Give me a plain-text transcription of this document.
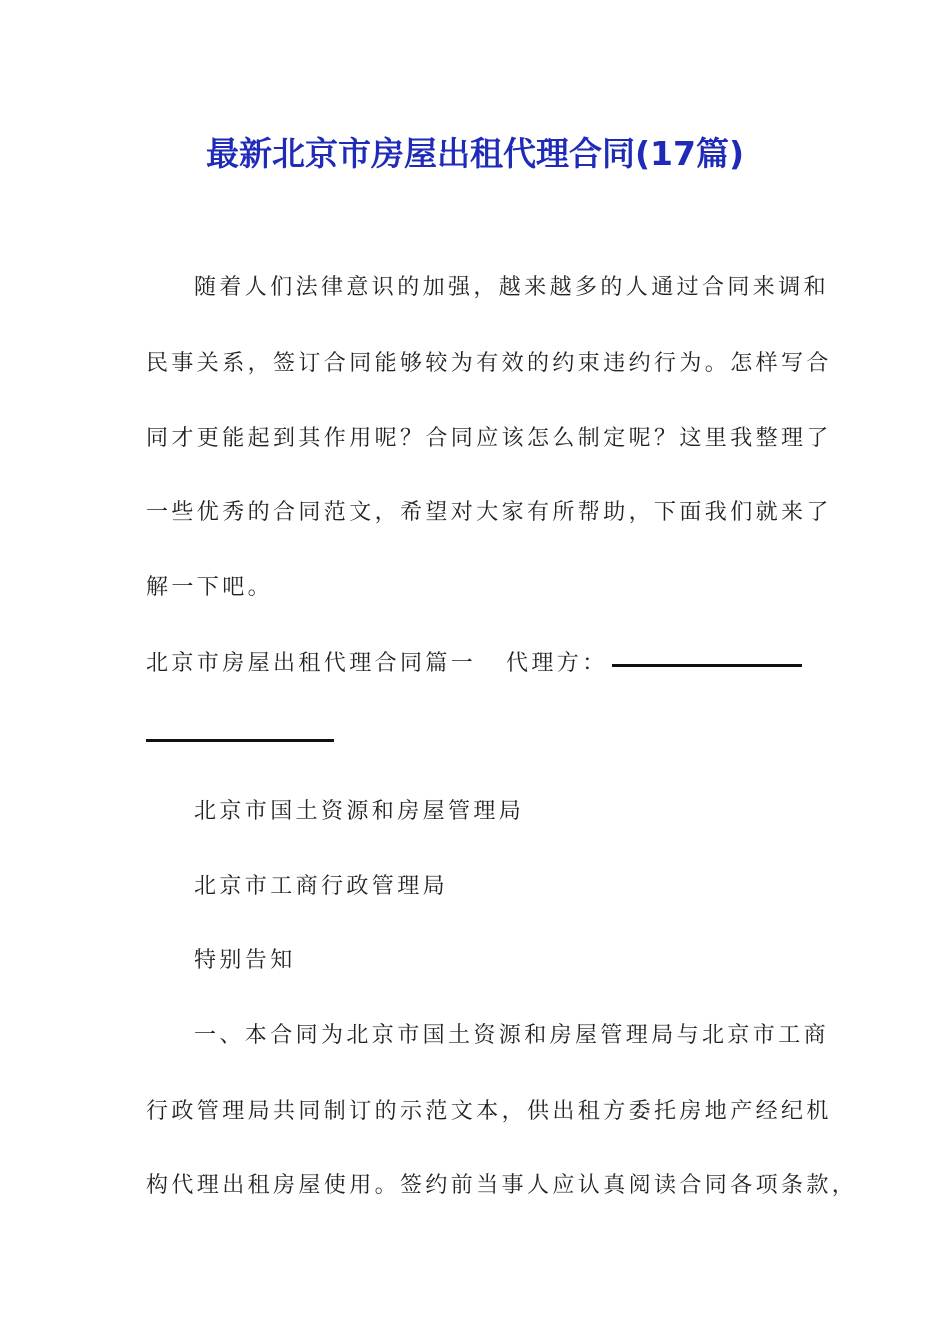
最新北京市房屋出租代理合同(17篇)
随着人们法律意识的加强，越来越多的人通过合同来调和
民事关系，签订合同能够较为有效的约束违约行为。怎样写合
同才更能起到其作用呢？合同应该怎么制定呢？这里我整理了
一些优秀的合同范文，希望对大家有所帮助，下面我们就来了
解一下吧。
北京市房屋出租代理合同篇一 代理方：
北京市国土资源和房屋管理局
北京市工商行政管理局
特别告知
一、本合同为北京市国土资源和房屋管理局与北京市工商
行政管理局共同制订的示范文本，供出租方委托房地产经纪机
构代理出租房屋使用。签约前当事人应认真阅读合同各项条款，
